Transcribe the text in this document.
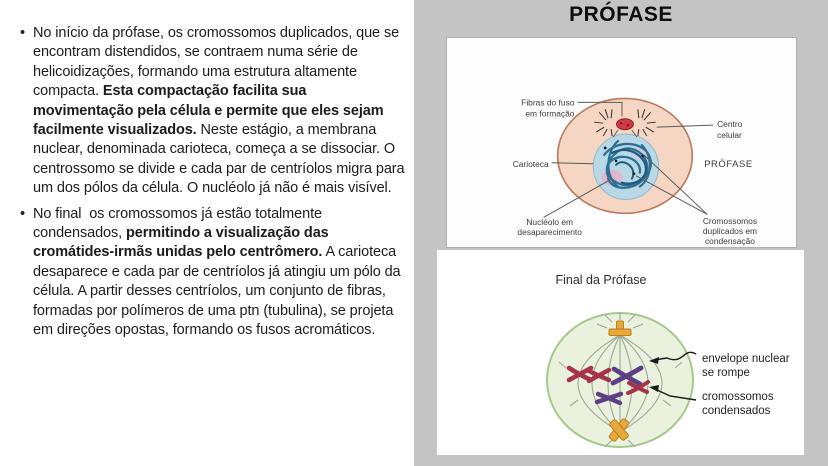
• No início da prófase, os cromossomos duplicados, que se encontram distendidos, se contraem numa série de helicoidizações, formando uma estrutura altamente compacta. Esta compactação facilita sua movimentação pela célula e permite que eles sejam facilmente visualizados. Neste estágio, a membrana nuclear, denominada carioteca, começa a se dissociar. O centrossomo se divide e cada par de centríolos migra para um dos pólos da célula. O nucléolo já não é mais visível.
• No final  os cromossomos já estão totalmente condensados, permitindo a visualização das cromátides-irmãs unidas pelo centrômero. A carioteca desaparece e cada par de centríolos já atingiu um pólo da célula. A partir desses centríolos, um conjunto de fibras, formadas por polímeros de uma ptn (tubulina), se projeta em direções opostas, formando os fusos acromáticos.
PRÓFASE
Fibras do fuso
em formação
Centro
celular
Carioteca	PRÓFASE
Nucléolo em
desaparecimento
Cromossomos
duplicados em
condensação
Final da Prófase
envelope nuclear
se rompe
cromossomos
condensados
